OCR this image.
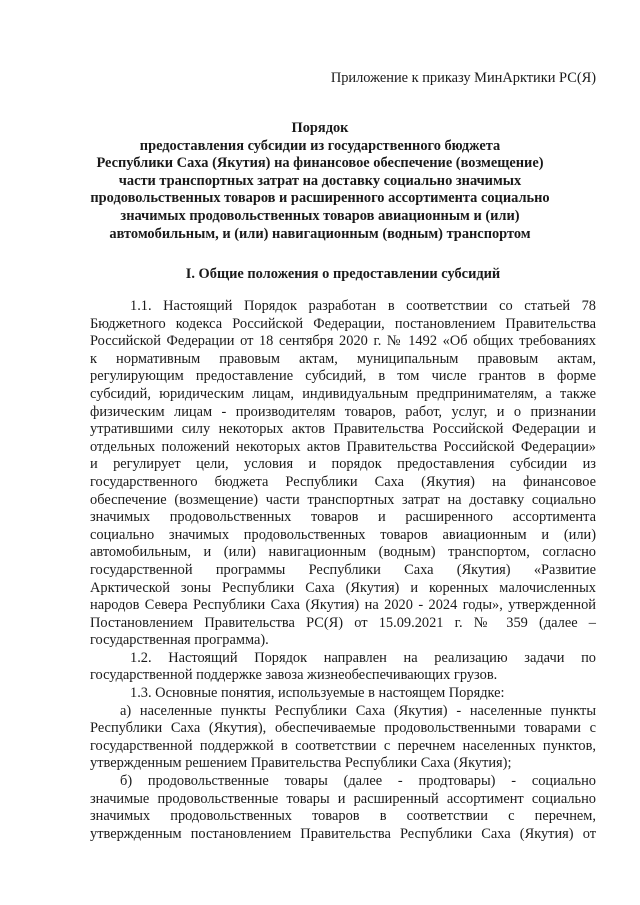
Приложение к приказу МинАрктики РС(Я)
Порядок
предоставления субсидии из государственного бюджета
Республики Саха (Якутия) на финансовое обеспечение (возмещение)
части транспортных затрат на доставку социально значимых
продовольственных товаров и расширенного ассортимента социально
значимых продовольственных товаров авиационным и (или)
автомобильным, и (или) навигационным (водным) транспортом
I. Общие положения о предоставлении субсидий
1.1. Настоящий Порядок разработан в соответствии со статьей 78
Бюджетного кодекса Российской Федерации, постановлением Правительства
Российской Федерации от 18 сентября 2020 г. № 1492 «Об общих требованиях
к нормативным правовым актам, муниципальным правовым актам,
регулирующим предоставление субсидий, в том числе грантов в форме
субсидий, юридическим лицам, индивидуальным предпринимателям, а также
физическим лицам - производителям товаров, работ, услуг, и о признании
утратившими силу некоторых актов Правительства Российской Федерации и
отдельных положений некоторых актов Правительства Российской Федерации»
и регулирует цели, условия и порядок предоставления субсидии из
государственного бюджета Республики Саха (Якутия) на финансовое
обеспечение (возмещение) части транспортных затрат на доставку социально
значимых продовольственных товаров и расширенного ассортимента
социально значимых продовольственных товаров авиационным и (или)
автомобильным, и (или) навигационным (водным) транспортом, согласно
государственной программы Республики Саха (Якутия) «Развитие
Арктической зоны Республики Саха (Якутия) и коренных малочисленных
народов Севера Республики Саха (Якутия) на 2020 - 2024 годы», утвержденной
Постановлением Правительства РС(Я) от 15.09.2021 г. № 359 (далее –
государственная программа).
1.2. Настоящий Порядок направлен на реализацию задачи по
государственной поддержке завоза жизнеобеспечивающих грузов.
1.3. Основные понятия, используемые в настоящем Порядке:
а) населенные пункты Республики Саха (Якутия) - населенные пункты
Республики Саха (Якутия), обеспечиваемые продовольственными товарами с
государственной поддержкой в соответствии с перечнем населенных пунктов,
утвержденным решением Правительства Республики Саха (Якутия);
б) продовольственные товары (далее - продтовары) - социально
значимые продовольственные товары и расширенный ассортимент социально
значимых продовольственных товаров в соответствии с перечнем,
утвержденным постановлением Правительства Республики Саха (Якутия) от
